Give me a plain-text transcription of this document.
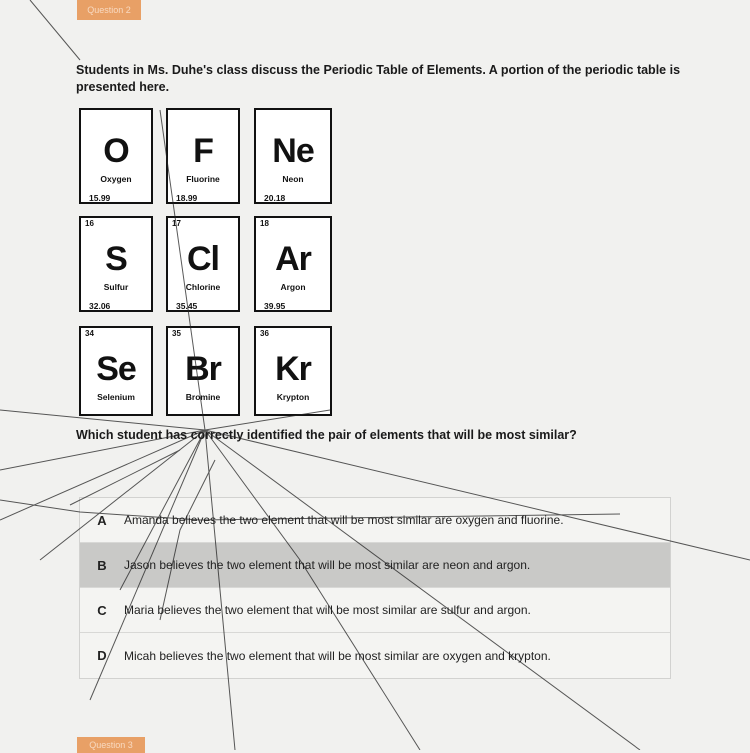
Question 2
Students in Ms. Duhe's class discuss the Periodic Table of Elements. A portion of the periodic table is presented here.
O
Oxygen
15.99
F
Fluorine
18.99
Ne
Neon
20.18
16
S
Sulfur
32.06
17
Cl
Chlorine
35.45
18
Ar
Argon
39.95
34
Se
Selenium
35
Br
Bromine
36
Kr
Krypton
Which student has correctly identified the pair of elements that will be most similar?
A	Amanda believes the two element that will be most similar are oxygen and fluorine.
B	Jason believes the two element that will be most similar are neon and argon.
C	Maria believes the two element that will be most similar are sulfur and argon.
D	Micah believes the two element that will be most similar are oxygen and krypton.
Question 3
